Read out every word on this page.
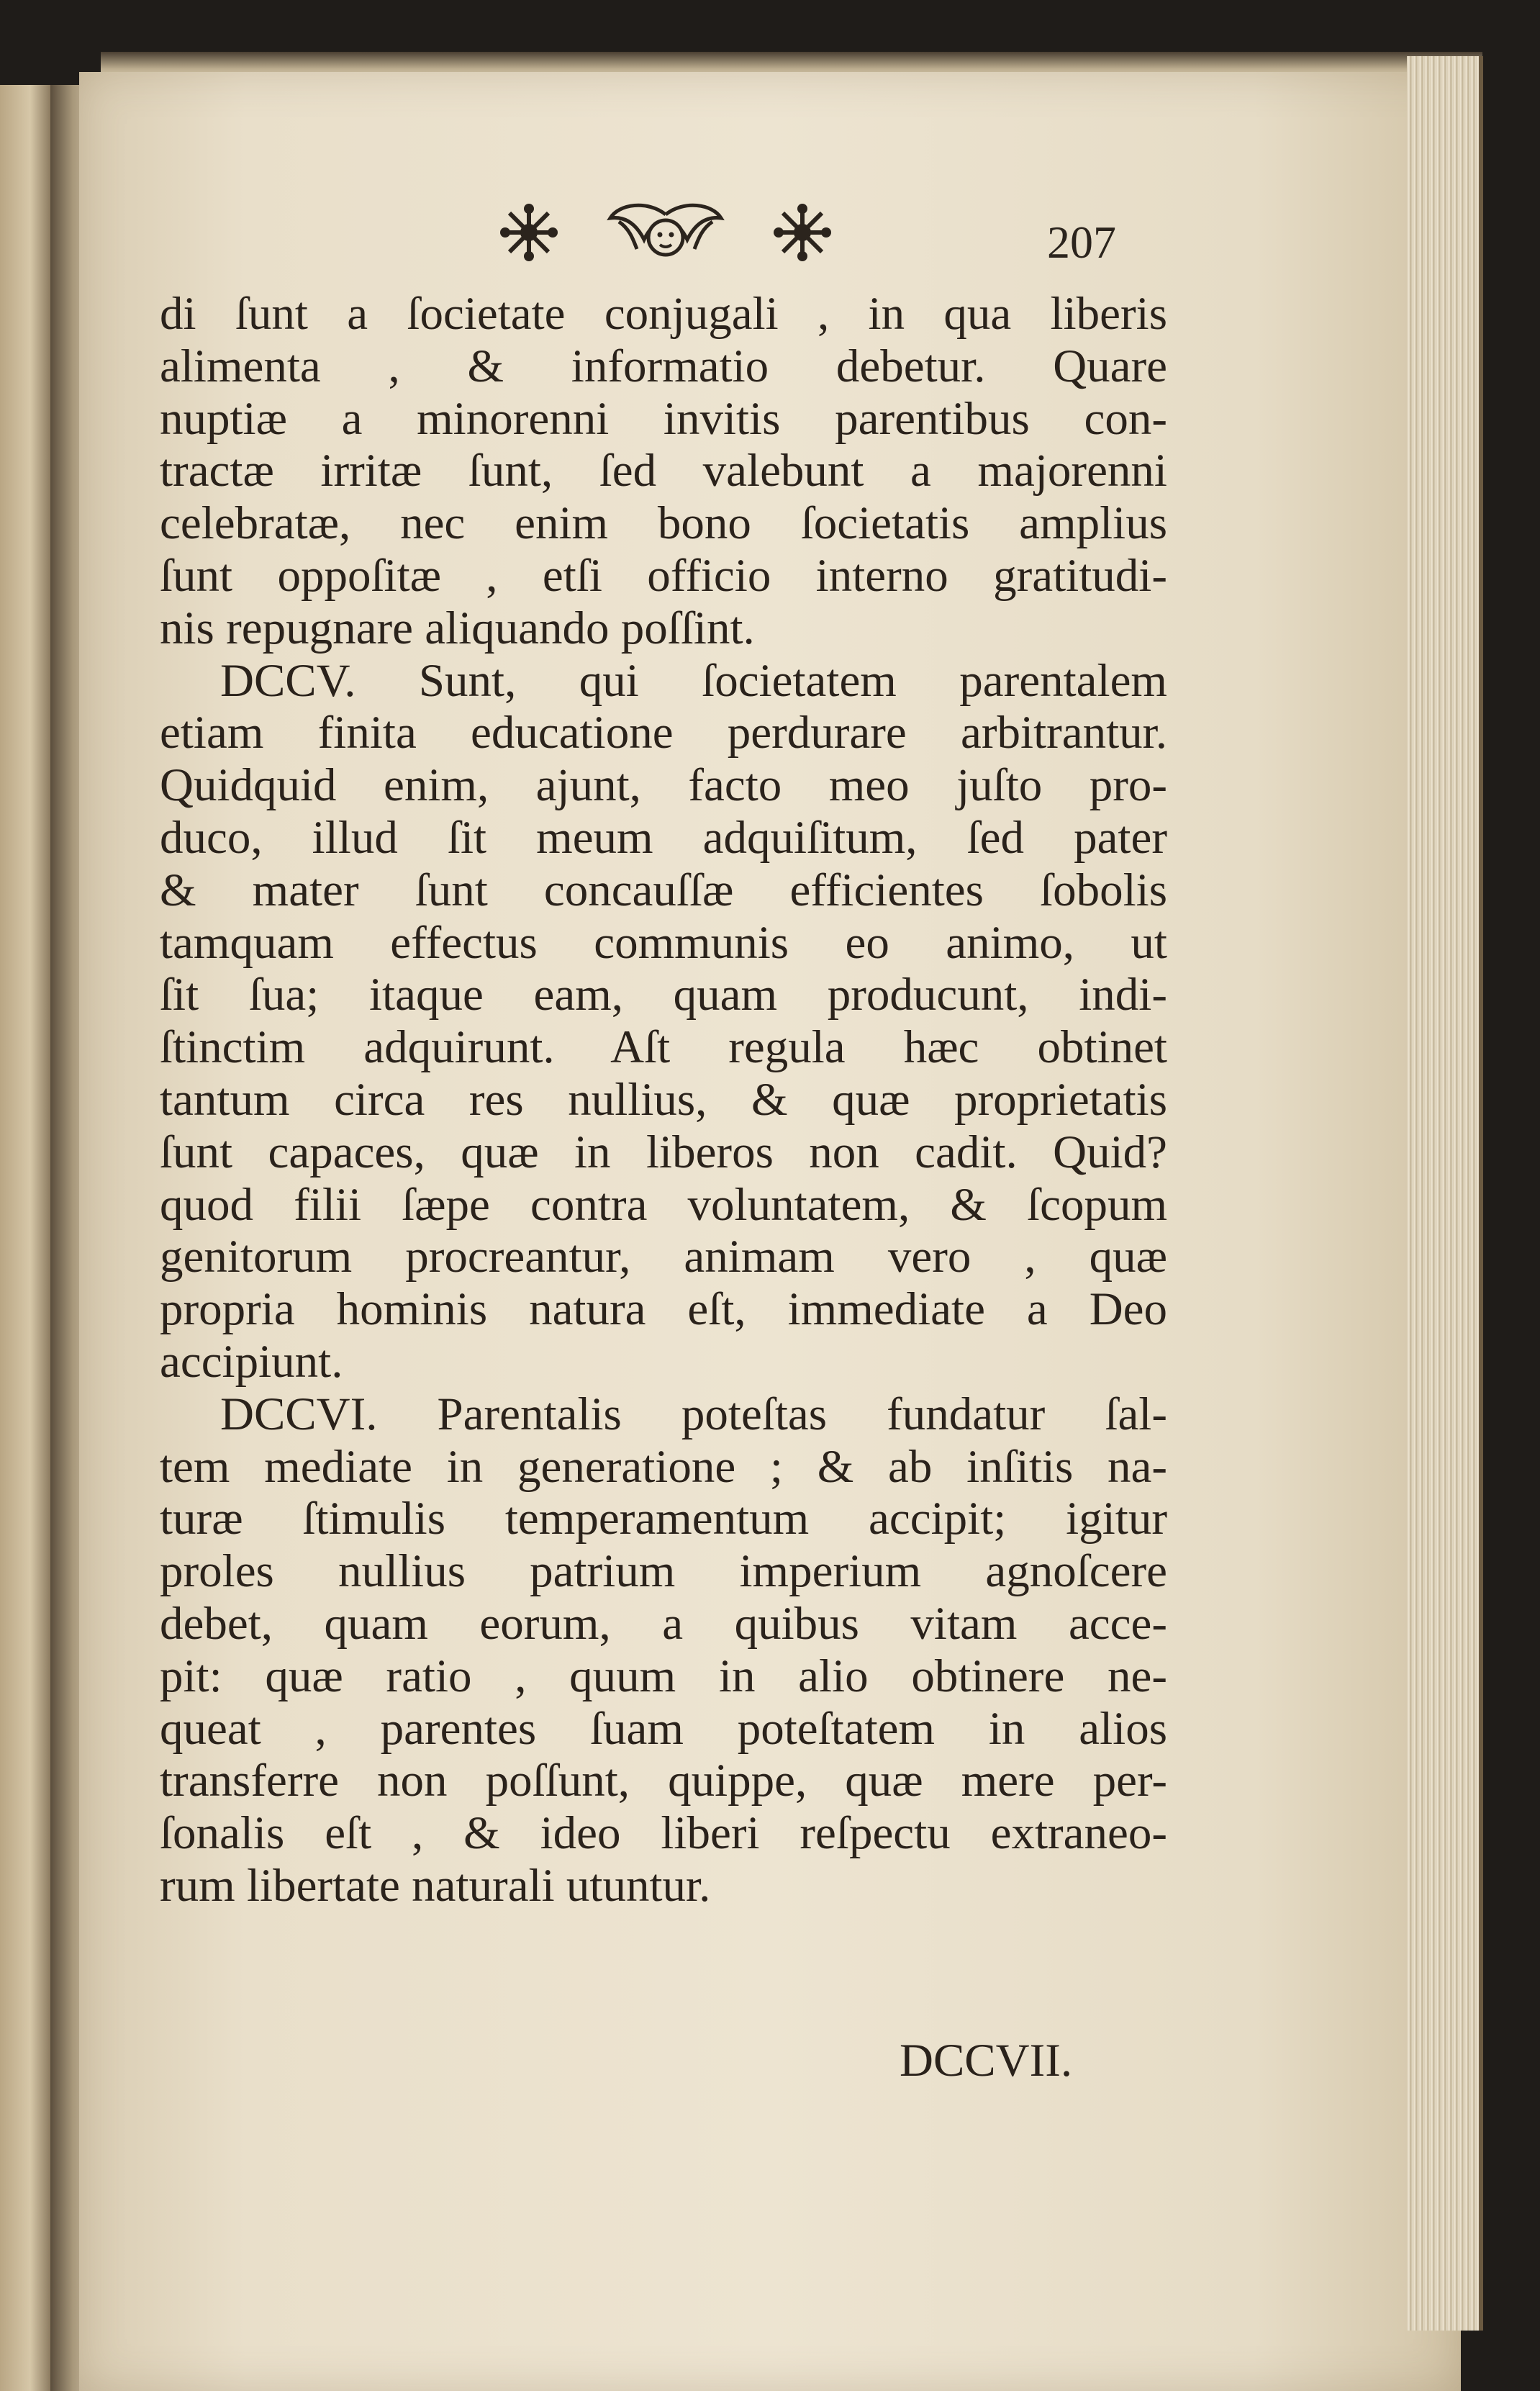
207
di ſunt a ſocietate conjugali , in qua liberis
alimenta , & informatio debetur. Quare
nuptiæ a minorenni invitis parentibus con-
tractæ irritæ ſunt, ſed valebunt a majorenni
celebratæ, nec enim bono ſocietatis amplius
ſunt oppoſitæ , etſi officio interno gratitudi-
nis repugnare aliquando poſſint.
DCCV. Sunt, qui ſocietatem parentalem
etiam finita educatione perdurare arbitrantur.
Quidquid enim, ajunt, facto meo juſto pro-
duco, illud ſit meum adquiſitum, ſed pater
& mater ſunt concauſſæ efficientes ſobolis
tamquam effectus communis eo animo, ut
ſit ſua; itaque eam, quam producunt, indi-
ſtinctim adquirunt. Aſt regula hæc obtinet
tantum circa res nullius, & quæ proprietatis
ſunt capaces, quæ in liberos non cadit. Quid?
quod filii ſæpe contra voluntatem, & ſcopum
genitorum procreantur, animam vero , quæ
propria hominis natura eſt, immediate a Deo
accipiunt.
DCCVI. Parentalis poteſtas fundatur ſal-
tem mediate in generatione ; & ab inſitis na-
turæ ſtimulis temperamentum accipit; igitur
proles nullius patrium imperium agnoſcere
debet, quam eorum, a quibus vitam acce-
pit: quæ ratio , quum in alio obtinere ne-
queat , parentes ſuam poteſtatem in alios
transferre non poſſunt, quippe, quæ mere per-
ſonalis eſt , & ideo liberi reſpectu extraneo-
rum libertate naturali utuntur.
DCCVII.
